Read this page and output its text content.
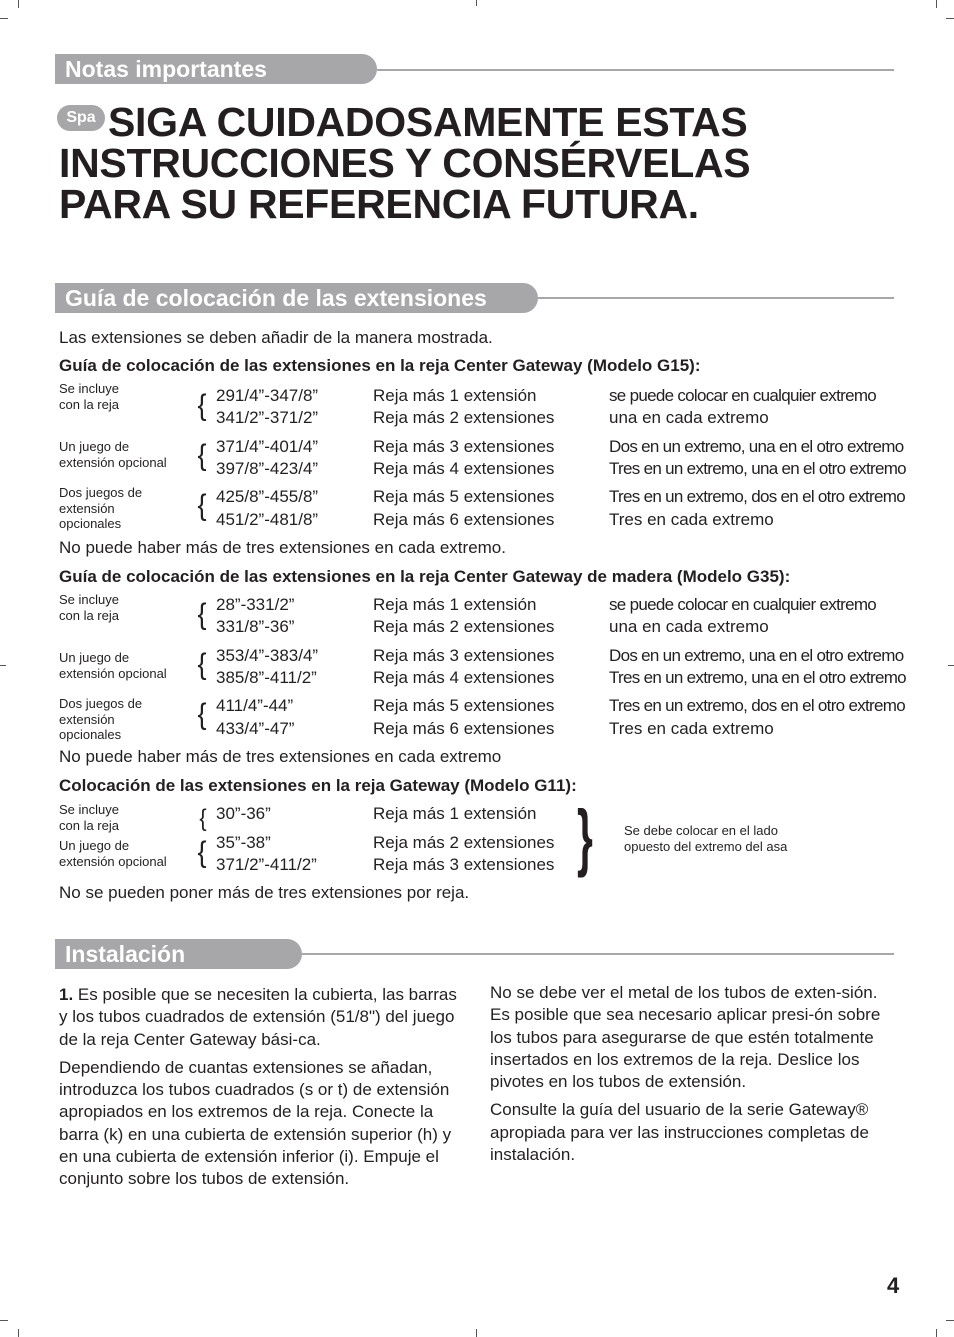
Notas importantes
Spa SIGA CUIDADOSAMENTE ESTAS
INSTRUCCIONES Y CONSÉRVELAS
PARA SU REFERENCIA FUTURA.
Guía de colocación de las extensiones
Las extensiones se deben añadir de la manera mostrada.
Guía de colocación de las extensiones en la reja Center Gateway (Modelo G15):
Se incluye
con la reja	{ 291/4”-347/8”	Reja más 1 extensión	se puede colocar en cualquier extremo
341/2”-371/2”	Reja más 2 extensiones	una en cada extremo
Un juego de
extensión opcional { 371/4”-401/4”	Reja más 3 extensiones	Dos en un extremo, una en el otro extremo
397/8”-423/4”	Reja más 4 extensiones	Tres en un extremo, una en el otro extremo
Dos juegos de
extensión
opcionales
{ 425/8”-455/8”	Reja más 5 extensiones	Tres en un extremo, dos en el otro extremo
451/2”-481/8”	Reja más 6 extensiones	Tres en cada extremo
No puede haber más de tres extensiones en cada extremo.
Guía de colocación de las extensiones en la reja Center Gateway de madera (Modelo G35):
Se incluye
con la reja	{ 28”-331/2”	Reja más 1 extensión	se puede colocar en cualquier extremo
331/8”-36”	Reja más 2 extensiones	una en cada extremo
Un juego de
extensión opcional { 353/4”-383/4”	Reja más 3 extensiones	Dos en un extremo, una en el otro extremo
385/8”-411/2”	Reja más 4 extensiones	Tres en un extremo, una en el otro extremo
Dos juegos de
extensión
opcionales
{ 411/4”-44”	Reja más 5 extensiones	Tres en un extremo, dos en el otro extremo
433/4”-47”	Reja más 6 extensiones	Tres en cada extremo
No puede haber más de tres extensiones en cada extremo
Colocación de las extensiones en la reja Gateway (Modelo G11):
Se incluye
con la reja	{ 30”-36”	Reja más 1 extensión
Un juego de
extensión opcional { 35”-38”	Reja más 2 extensiones
371/2”-411/2”	Reja más 3 extensiones } Se debe colocar en el lado
opuesto del extremo del asa
No se pueden poner más de tres extensiones por reja.
Instalación

1. Es posible que se necesiten la cubierta, las barras y los tubos cuadrados de extensión (51/8") del juego de la reja Center Gateway bási-ca.

Dependiendo de cuantas extensiones se añadan, introduzca los tubos cuadrados (s or t) de extensión apropiados en los extremos de la reja. Conecte la barra (k) en una cubierta de extensión superior (h) y en una cubierta de extensión inferior (i). Empuje el conjunto sobre los tubos de extensión.

No se debe ver el metal de los tubos de exten-sión. Es posible que sea necesario aplicar presi-ón sobre los tubos para asegurarse de que estén totalmente insertados en los extremos de la reja. Deslice los pivotes en los tubos de extensión.

Consulte la guía del usuario de la serie Gateway® apropiada para ver las instrucciones completas de instalación.

4
